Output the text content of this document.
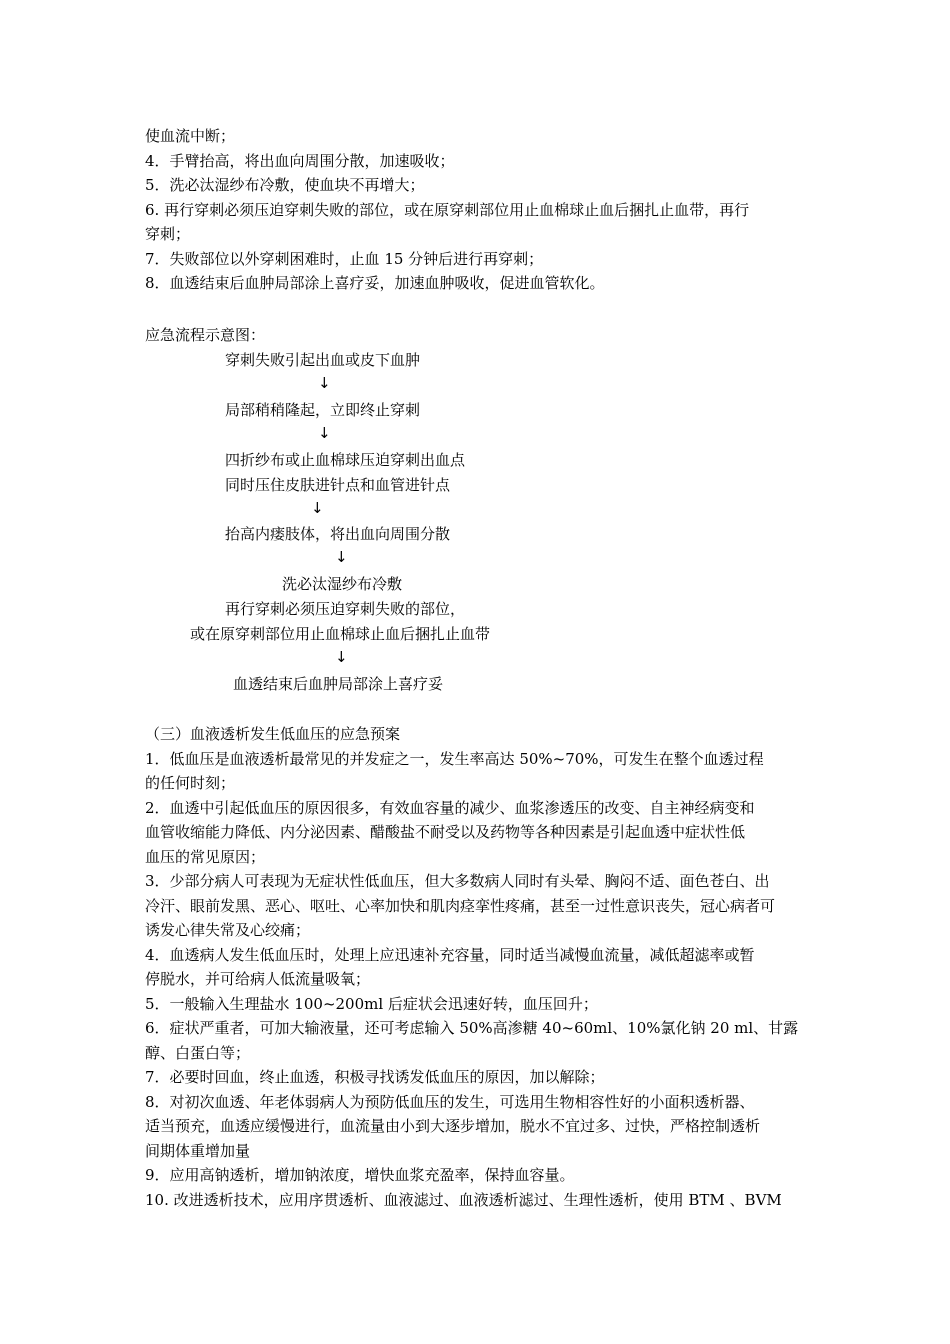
使血流中断；
4．手臂抬高，将出血向周围分散，加速吸收；
5．洗必汰湿纱布冷敷，使血块不再增大；
6. 再行穿刺必须压迫穿刺失败的部位，或在原穿刺部位用止血棉球止血后捆扎止血带，再行
穿刺；
7．失败部位以外穿刺困难时，止血 15 分钟后进行再穿刺；
8．血透结束后血肿局部涂上喜疗妥，加速血肿吸收，促进血管软化。

应急流程示意图：

穿刺失败引起出血或皮下血肿

↓

局部稍稍隆起，立即终止穿刺

↓

四折纱布或止血棉球压迫穿刺出血点

同时压住皮肤进针点和血管进针点

↓

抬高内瘘肢体，将出血向周围分散

↓

洗必汰湿纱布冷敷

再行穿刺必须压迫穿刺失败的部位，

或在原穿刺部位用止血棉球止血后捆扎止血带

↓

血透结束后血肿局部涂上喜疗妥

（三）血液透析发生低血压的应急预案
1．低血压是血液透析最常见的并发症之一，发生率高达 50%~70%，可发生在整个血透过程
的任何时刻；
2．血透中引起低血压的原因很多，有效血容量的减少、血浆渗透压的改变、自主神经病变和
血管收缩能力降低、内分泌因素、醋酸盐不耐受以及药物等各种因素是引起血透中症状性低
血压的常见原因；
3．少部分病人可表现为无症状性低血压，但大多数病人同时有头晕、胸闷不适、面色苍白、出
冷汗、眼前发黑、恶心、呕吐、心率加快和肌肉痉挛性疼痛，甚至一过性意识丧失，冠心病者可
诱发心律失常及心绞痛；
4．血透病人发生低血压时，处理上应迅速补充容量，同时适当减慢血流量，减低超滤率或暂
停脱水，并可给病人低流量吸氧；
5．一般输入生理盐水 100~200ml 后症状会迅速好转，血压回升；
6．症状严重者，可加大输液量，还可考虑输入 50%高渗糖 40~60ml、10%氯化钠 20 ml、甘露
醇、白蛋白等；
7．必要时回血，终止血透，积极寻找诱发低血压的原因，加以解除；
8．对初次血透、年老体弱病人为预防低血压的发生，可选用生物相容性好的小面积透析器、
适当预充，血透应缓慢进行，血流量由小到大逐步增加，脱水不宜过多、过快，严格控制透析
间期体重增加量
9．应用高钠透析，增加钠浓度，增快血浆充盈率，保持血容量。
10. 改进透析技术，应用序贯透析、血液滤过、血液透析滤过、生理性透析，使用 BTM 、BVM
